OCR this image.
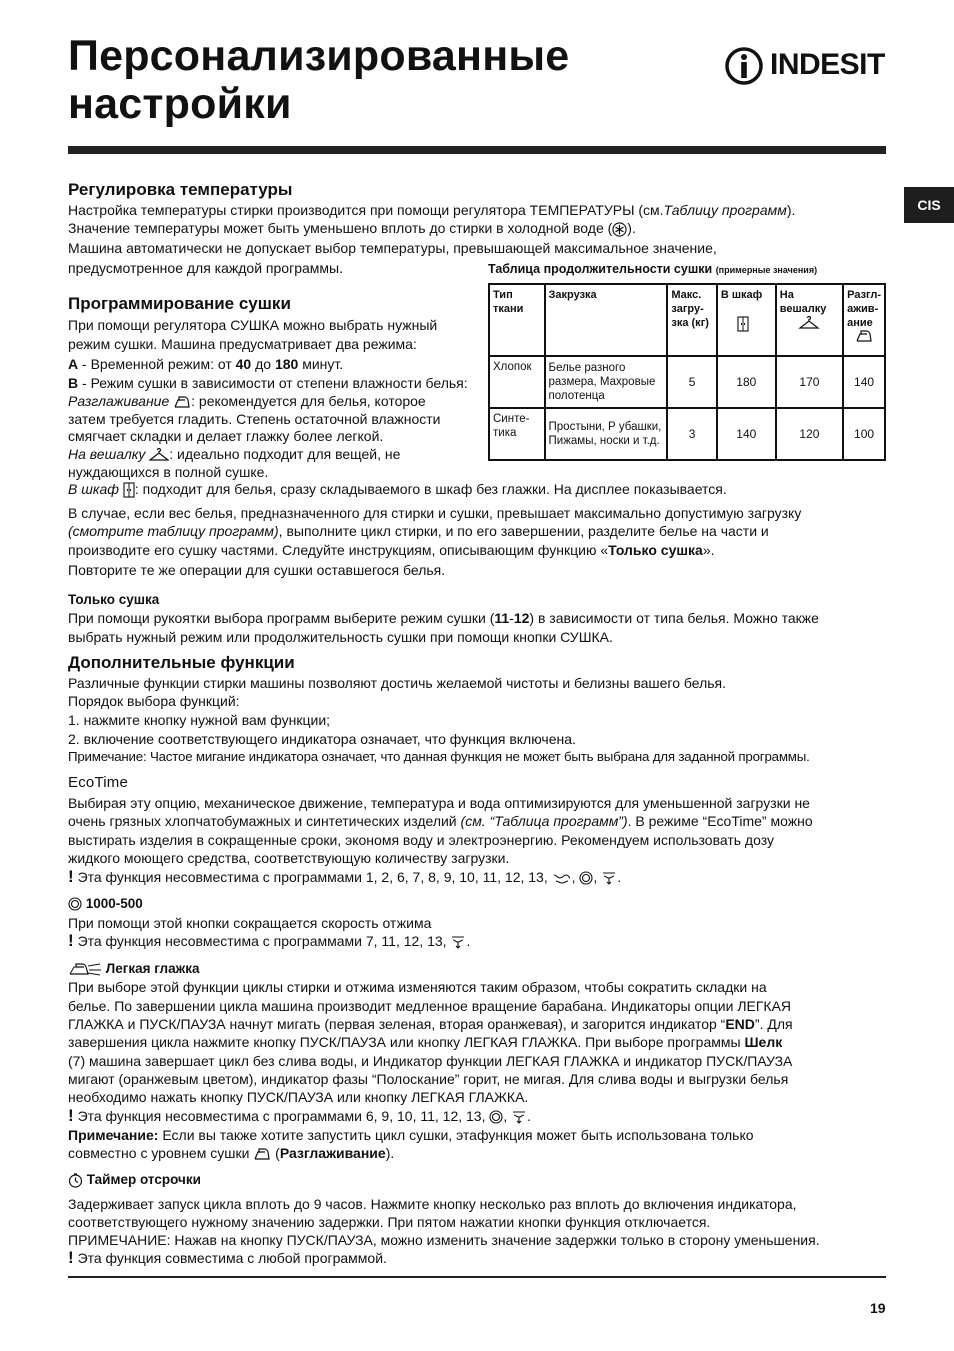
Персонализированные
настройки
INDESIT
CIS
Регулировка температуры
Настройка температуры стирки производится при помощи регулятора ТЕМПЕРАТУРЫ (см.Таблицу программ).
Значение температуры может быть уменьшено вплоть до стирки в холодной воде ( ).
Машина автоматически не допускает выбор температуры, превышающей максимальное значение,
предусмотренное для каждой программы.
Программирование сушки
При помощи регулятора СУШКА можно выбрать нужный
режим сушки. Машина предусматривает два режима:
A - Временной режим: от 40 до 180 минут.
B - Режим сушки в зависимости от степени влажности белья:
Разглаживание : рекомендуется для белья, которое
затем требуется гладить. Степень остаточной влажности
смягчает складки и делает глажку более легкой.
На вешалку : идеально подходит для вещей, не
нуждающихся в полной сушке.
В шкаф : подходит для белья, сразу складываемого в шкаф без глажки. На дисплее показывается.
В случае, если вес белья, предназначенного для стирки и сушки, превышает максимально допустимую загрузку
(смотрите таблицу программ), выполните цикл стирки, и по его завершении, разделите белье на части и
производите его сушку частями. Следуйте инструкциям, описывающим функцию «Только сушка».
Повторите те же операции для сушки оставшегося белья.
Таблица продолжительности сушки (примерные значения)
Тип ткани	Закрузка	Макс. загру-зка (кг)	В шкаф	На вешалку	Разгл-ажив-ание

Хлопок	Белье разного размера, Махровые полотенца	5	180	170	140
Синте-тика	Простыни, Р убашки, Пижамы, носки и т.д.	3	140	120	100
Только сушка
При помощи рукоятки выбора программ выберите режим сушки (11-12) в зависимости от типа белья. Можно также
выбрать нужный режим или продолжительность сушки при помощи кнопки СУШКА.
Дополнительные функции
Различные функции стирки машины позволяют достичь желаемой чистоты и белизны вашего белья.
Порядок выбора функций:
1. нажмите кнопку нужной вам функции;
2. включение соответствующего индикатора означает, что функция включена.
Примечание: Частое мигание индикатора означает, что данная функция не может быть выбрана для заданной программы.
EcoTime
Выбирая эту опцию, механическое движение, температура и вода оптимизируются для уменьшенной загрузки не
очень грязных хлопчатобумажных и синтетических изделий (см. “Таблица программ”). В режиме “EcoTime” можно
выстирать изделия в сокращенные сроки, экономя воду и электроэнергию. Рекомендуем использовать дозу
жидкого моющего средства, соответствующую количеству загрузки.
! Эта функция несовместима с программами 1, 2, 6, 7, 8, 9, 10, 11, 12, 13, , , .
1000-500
При помощи этой кнопки сокращается скорость отжима
! Эта функция несовместима с программами 7, 11, 12, 13, .
Легкая глажка
При выборе этой функции циклы стирки и отжима изменяются таким образом, чтобы сократить складки на
белье. По завершении цикла машина производит медленное вращение барабана. Индикаторы опции ЛЕГКАЯ
ГЛАЖКА и ПУСК/ПАУЗА начнут мигать (первая зеленая, вторая оранжевая), и загорится индикатор “END”. Для
завершения цикла нажмите кнопку ПУСК/ПАУЗА или кнопку ЛЕГКАЯ ГЛАЖКА. При выборе программы Шелк
(7) машина завершает цикл без слива воды, и Индикатор функции ЛЕГКАЯ ГЛАЖКА и индикатор ПУСК/ПАУЗА
мигают (оранжевым цветом), индикатор фазы “Полоскание” горит, не мигая. Для слива воды и выгрузки белья
необходимо нажать кнопку ПУСК/ПАУЗА или кнопку ЛЕГКАЯ ГЛАЖКА.
! Эта функция несовместима с программами 6, 9, 10, 11, 12, 13, , .
Примечание: Если вы также хотите запустить цикл сушки, этафункция может быть использована только
совместно с уровнем сушки  (Разглаживание).
Таймер отсрочки
Задерживает запуск цикла вплоть до 9 часов. Нажмите кнопку несколько раз вплоть до включения индикатора,
соответствующего нужному значению задержки. При пятом нажатии кнопки функция отключается.
ПРИМЕЧАНИЕ: Нажав на кнопку ПУСК/ПАУЗА, можно изменить значение задержки только в сторону уменьшения.
! Эта функция совместима с любой программой.
19
